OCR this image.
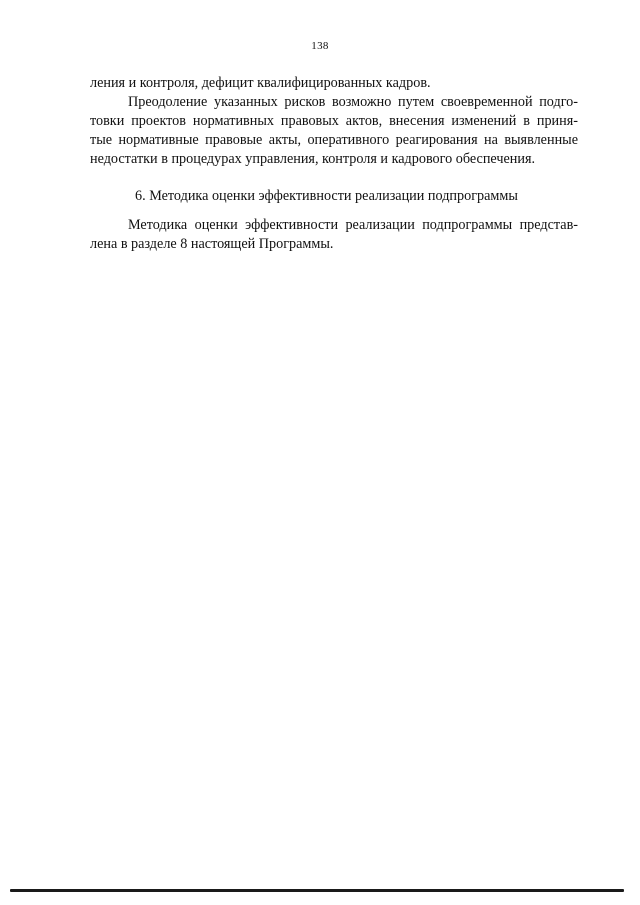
138
ления и контроля, дефицит квалифицированных кадров.
Преодоление указанных рисков возможно путем своевременной подго-
товки проектов нормативных правовых актов, внесения изменений в приня-
тые нормативные правовые акты, оперативного реагирования на выявленные
недостатки в процедурах управления, контроля и кадрового обеспечения.
6. Методика оценки эффективности реализации подпрограммы
Методика оценки эффективности реализации подпрограммы представ-
лена в разделе 8 настоящей Программы.
